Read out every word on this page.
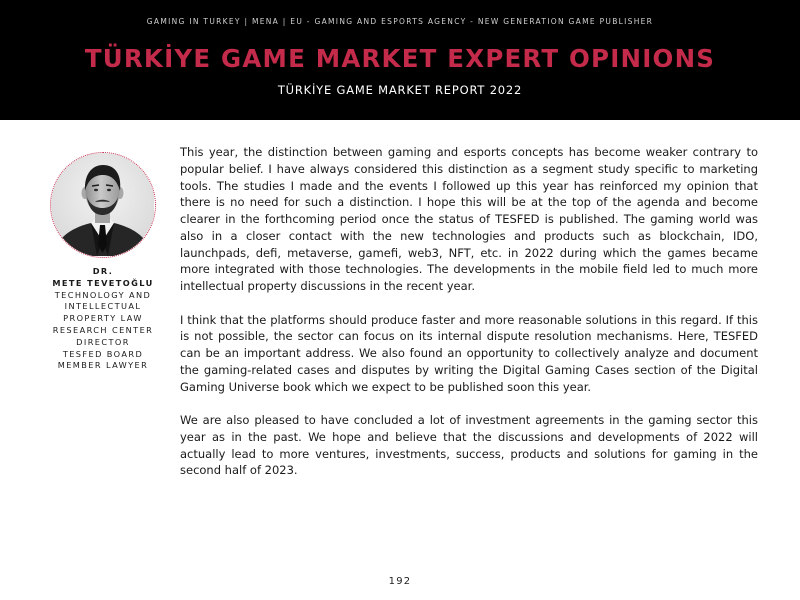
GAMING IN TURKEY | MENA | EU - GAMING AND ESPORTS AGENCY - NEW GENERATION GAME PUBLISHER
TÜRKİYE GAME MARKET EXPERT OPINIONS
TÜRKİYE GAME MARKET REPORT 2022
DR.
METE TEVETOĞLU
TECHNOLOGY AND
INTELLECTUAL
PROPERTY LAW
RESEARCH CENTER
DIRECTOR
TESFED BOARD
MEMBER LAWYER

This year, the distinction between gaming and esports concepts has become weaker contrary to popular belief. I have always considered this distinction as a segment study specific to marketing tools. The studies I made and the events I followed up this year has reinforced my opinion that there is no need for such a distinction. I hope this will be at the top of the agenda and become clearer in the forthcoming period once the status of TESFED is published. The gaming world was also in a closer contact with the new technologies and products such as blockchain, IDO, launchpads, defi, metaverse, gamefi, web3, NFT, etc. in 2022 during which the games became more integrated with those technologies. The developments in the mobile field led to much more intellectual property discussions in the recent year.

I think that the platforms should produce faster and more reasonable solutions in this regard. If this is not possible, the sector can focus on its internal dispute resolution mechanisms. Here, TESFED can be an important address. We also found an opportunity to collectively analyze and document the gaming-related cases and disputes by writing the Digital Gaming Cases section of the Digital Gaming Universe book which we expect to be published soon this year.

We are also pleased to have concluded a lot of investment agreements in the gaming sector this year as in the past. We hope and believe that the discussions and developments of 2022 will actually lead to more ventures, investments, success, products and solutions for gaming in the second half of 2023.

192
